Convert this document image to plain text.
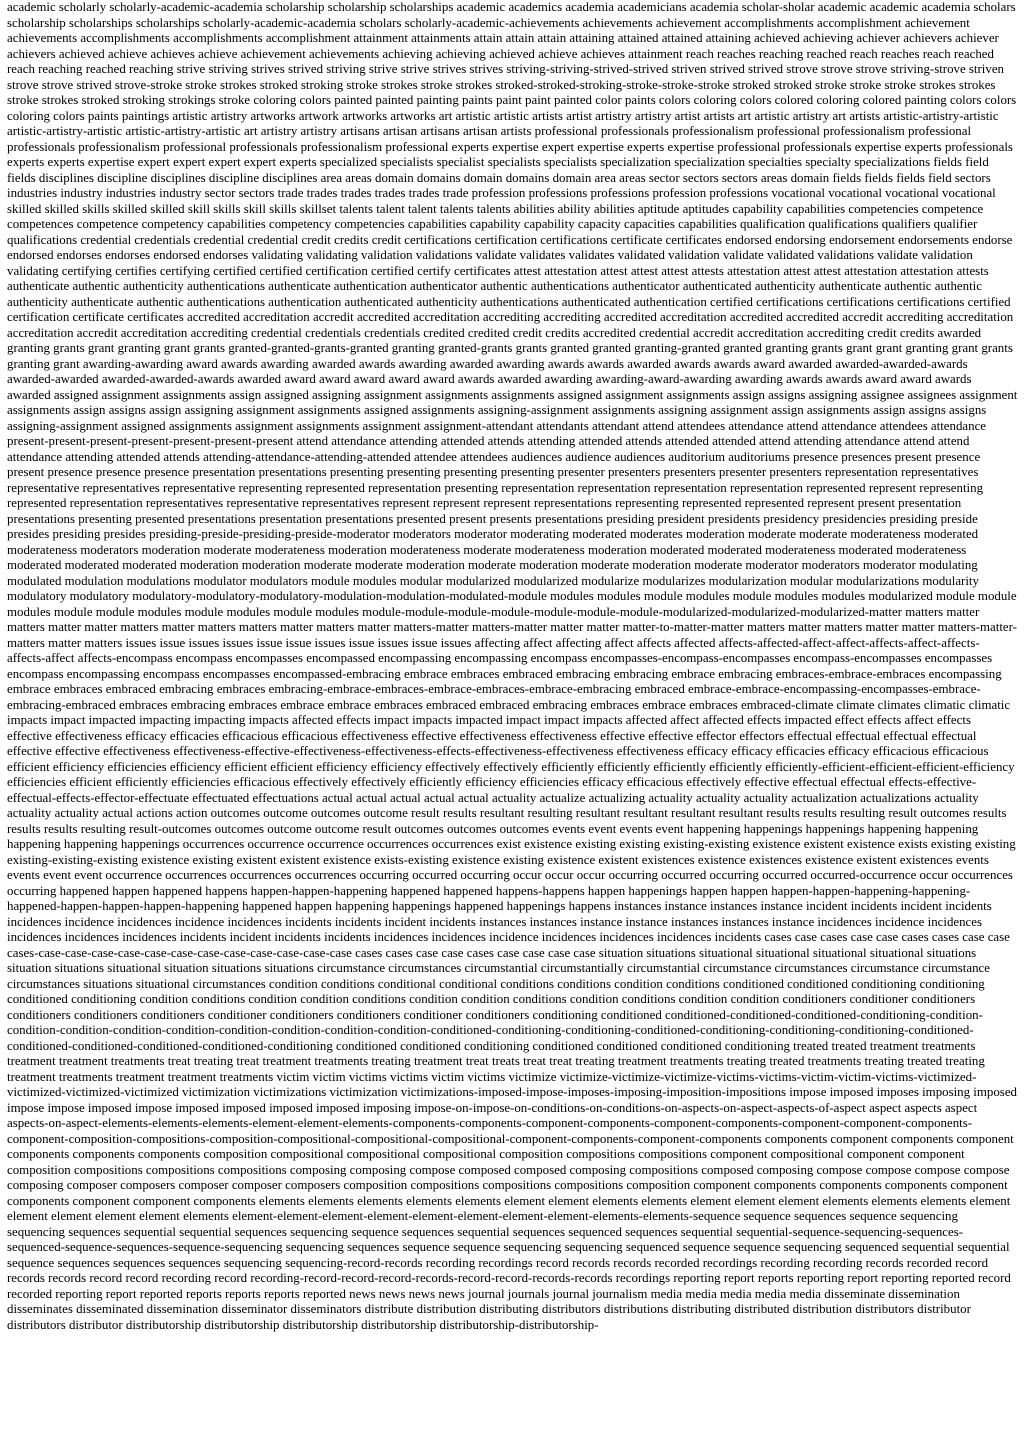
academic scholarly scholarly-academic-academia scholarship scholarship scholarships academic academics academia academicians academia scholar-sholar academic academic academia scholars scholarship scholarships scholarships scholarly-academic-academia scholars scholarly-academic-achievements achievements achievement accomplishments accomplishment achievement achievements accomplishments accomplishments accomplishment attainment attainments attain attain attain attaining attained attained attaining achieved achieving achiever achievers achiever achievers achieved achieve achieves achieve achievement achievements achieving achieving achieved achieve achieves attainment reach reaches reaching reached reach reaches reach reached reach reaching reached reaching strive striving strives strived striving strive strive strives strives striving-striving-strived-strived striven strived strived strove strove strove striving-strove striven strove strove strived strove-stroke stroke strokes stroked stroking stroke strokes stroke strokes stroked-stroked-stroking-stroke-stroke-stroke stroked stroked stroke stroke stroke strokes strokes stroke strokes stroked stroking strokings stroke coloring colors painted painted painting paints paint paint painted color paints colors coloring colors colored coloring colored painting colors colors coloring colors paints paintings artistic artistry artworks artwork artworks artworks art artistic artistic artists artist artistry artistry artist artists art artistic artistry art artists artistic-artistry-artistic artistic-artistry-artistic artistic-artistry-artistic art artistry artistry artisans artisan artisans artisan artists professional professionals professionalism professional professionalism professional professionals professionalism professional professionals professionalism professional experts expertise expert expertise experts expertise professional professionals expertise experts professionals experts experts expertise expert expert expert expert experts specialized specialists specialist specialists specialists specialization specialization specialties specialty specializations fields field fields disciplines discipline disciplines discipline disciplines area areas domain domains domain domains domain area areas sector sectors sectors areas domain fields fields fields field sectors industries industry industries industry sector sectors trade trades trades trades trades trade profession professions professions profession professions vocational vocational vocational vocational skilled skilled skills skilled skilled skill skills skill skills skillset talents talent talent talents talents abilities ability abilities aptitude aptitudes capability capabilities competencies competence competences competence competency capabilities competency competencies capabilities capability capability capacity capacities capabilities qualification qualifications qualifiers qualifier qualifications credential credentials credential credential credit credits credit certifications certification certifications certificate certificates endorsed endorsing endorsement endorsements endorse endorsed endorses endorses endorsed endorses validating validating validation validations validate validates validates validated validation validate validated validations validate validation validating certifying certifies certifying certified certified certification certified certify certificates attest attestation attest attest attest attests attestation attest attest attestation attestation attests authenticate authentic authenticity authentications authenticate authentication authenticator authentic authentications authenticator authenticated authenticity authenticate authentic authentic authenticity authenticate authentic authentications authentication authenticated authenticity authentications authenticated authentication certified certifications certifications certifications certified certification certificate certificates accredited accreditation accredit accredited accreditation accrediting accrediting accredited accreditation accredited accredited accredit accrediting accreditation accreditation accredit accreditation accrediting credential credentials credentials credited credited credit credits accredited credential accredit accreditation accrediting credit credits awarded granting grants grant granting grant grants granted-granted-grants-granted granting granted-grants grants granted granted granting-granted granted granting grants grant grant granting grant grants granting grant awarding-awarding award awards awarding awarded awards awarding awarded awarding awards awards awarded awards awards award awarded awarded-awarded-awards awarded-awarded awarded-awarded-awards awarded award award award award award awards awarded awarding awarding-award-awarding awarding awards awards award award awards awarded assigned assignment assignments assign assigned assigning assignment assignments assignments assigned assignment assignments assign assigns assigning assignee assignees assignment assignments assign assigns assign assigning assignment assignments assigned assignments assigning-assignment assignments assigning assignment assign assignments assign assigns assigns assigning-assignment assigned assignments assignment assignments assignment assignment-attendant attendants attendant attend attendees attendance attend attendance attendees attendance present-present-present-present-present-present-present attend attendance attending attended attends attending attended attends attended attended attend attending attendance attend attend attendance attending attended attends attending-attendance-attending-attended attendee attendees audiences audience audiences auditorium auditoriums presence presences present presence present presence presence presence presentation presentations presenting presenting presenting presenting presenter presenters presenters presenter presenters representation representatives representative representatives representative representing represented representation presenting representation representation representation representation represented represent representing represented representation representatives representative representatives represent represent represent representations representing represented represented represent present presentation presentations presenting presented presentations presentation presentations presented present presents presentations presiding president presidents presidency presidencies presiding preside presides presiding presides presiding-preside-presiding-preside-moderator moderators moderator moderating moderated moderates moderation moderate moderate moderateness moderated moderateness moderators moderation moderate moderateness moderation moderateness moderate moderateness moderation moderated moderated moderateness moderated moderateness moderated moderated moderated moderation moderation moderate moderate moderation moderate moderation moderate moderation moderate moderator moderators moderator modulating modulated modulation modulations modulator modulators module modules modular modularized modularized modularize modularizes modularization modular modularizations modularity modulatory modulatory modulatory-modulatory-modulatory-modulation-modulation-modulated-module modules modules module modules module modules modules modularized module module modules module module modules module modules module modules module-module-module-module-module-module-module-modularized-modularized-modularized-matter matters matter matters matter matter matters matter matters matters matter matters matter matters-matter matters-matter matter matter matter-to-matter-matter matters matter matters matter matter matters-matter-matters matter matters issues issue issues issues issue issue issues issue issues issue issues affecting affect affecting affect affects affected affects-affected-affect-affect-affects-affect-affects-affects-affect affects-encompass encompass encompasses encompassed encompassing encompassing encompass encompasses-encompass-encompasses encompass-encompasses encompasses encompass encompassing encompass encompasses encompassed-embracing embrace embraces embraced embracing embracing embrace embracing embraces-embrace-embraces encompassing embrace embraces embraced embracing embraces embracing-embrace-embraces-embrace-embraces-embrace-embracing embraced embrace-embrace-encompassing-encompasses-embrace-embracing-embraced embraces embracing embraces embrace embrace embraces embraced embraced embracing embraces embrace embraces embraced-climate climate climates climatic climatic impacts impact impacted impacting impacting impacts affected effects impact impacts impacted impact impact impacts affected affect affected effects impacted effect effects affect effects effective effectiveness efficacy efficacies efficacious efficacious effectiveness effective effectiveness effectiveness effective effective effector effectors effectual effectual effectual effectual effective effective effectiveness effectiveness-effective-effectiveness-effectiveness-effects-effectiveness-effectiveness effectiveness efficacy efficacy efficacies efficacy efficacious efficacious efficient efficiency efficiencies efficiency efficient efficient efficiency efficiency effectively effectively efficiently efficiently efficiently efficiently efficiently-efficient-efficient-efficient-efficiency efficiencies efficient efficiently efficiencies efficacious effectively effectively efficiently efficiency efficiencies efficacy efficacious effectively effective effectual effectual effects-effective-effectual-effects-effector-effectuate effectuated effectuations actual actual actual actual actual actuality actualize actualizing actuality actuality actuality actualization actualizations actuality actuality actuality actual actions action outcomes outcome outcomes outcome result results resultant resulting resultant resultant resultant resultant results results resulting result outcomes results results results resulting result-outcomes outcomes outcome outcome result outcomes outcomes outcomes events event events event happening happenings happenings happening happening happening happening happenings occurrences occurrence occurrence occurrences occurrences exist existence existing existing existing-existing existence existent existence exists existing existing existing-existing-existing existence existing existent existent existence exists-existing existence existing existence existent existences existence existences existence existent existences events events event event occurrence occurrences occurrences occurrences occurring occurred occurring occur occur occur occurring occurred occurring occurred occurred-occurrence occur occurrences occurring happened happen happened happens happen-happen-happening happened happened happens-happens happen happenings happen happen happen-happen-happening-happening-happened-happen-happen-happen-happening happened happen happening happenings happened happenings happens instances instance instances instance incident incidents incident incidents incidences incidence incidences incidence incidences incidents incidents incident incidents instances instances instance instance instances instances instance incidences incidence incidences incidences incidences incidences incidents incident incidents incidents incidences incidences incidence incidences incidences incidences incidents cases case cases case case cases cases case case cases-case-case-case-case-case-case-case-case-case-case-case-case cases cases case case cases case case case case situation situations situational situational situational situational situations situation situations situational situation situations situations circumstance circumstances circumstantial circumstantially circumstantial circumstance circumstances circumstance circumstance circumstances situations situational circumstances condition conditions conditional conditional conditions conditions condition conditions conditioned conditioned conditioning conditioning conditioned conditioning condition conditions condition condition conditions condition condition conditions condition conditions condition condition conditioners conditioner conditioners conditioners conditioners conditioners conditioner conditioners conditioners conditioner conditioners conditioning conditioned conditioned-conditioned-conditioned-conditioning-condition-condition-condition-condition-condition-condition-condition-condition-condition-conditioned-conditioning-conditioning-conditioned-conditioning-conditioning-conditioning-conditioned-conditioned-conditioned-conditioned-conditioned-conditioning conditioned conditioned conditioning conditioned conditioned conditioned conditioning treated treated treatment treatments treatment treatment treatments treat treating treat treatment treatments treating treatment treat treats treat treat treating treatment treatments treating treated treatments treating treated treating treatment treatments treatment treatment treatments victim victim victims victims victim victims victimize victimize-victimize-victimize-victims-victims-victim-victim-victims-victimized-victimized-victimized-victimized victimization victimizations victimization victimizations-imposed-impose-imposes-imposing-imposition-impositions impose imposed imposes imposing imposed impose impose imposed impose imposed imposed imposed imposed imposing impose-on-impose-on-conditions-on-conditions-on-aspects-on-aspect-aspects-of-aspect aspect aspects aspect aspects-on-aspect-elements-elements-elements-element-element-elements-components-components-component-components-component-components-component-component-components-component-composition-compositions-composition-compositional-compositional-compositional-component-components-component-components components component components component components components components composition compositional compositional compositional composition compositions compositions component compositional component component composition compositions compositions compositions composing composing compose composed composed composing compositions composed composing compose compose compose compose composing composer composers composer composer composers composition compositions compositions compositions composition component components components components component components component component components elements elements elements elements elements element element elements elements element element element elements elements elements element element element element element elements element-element-element-element-element-element-element-element-elements-elements-sequence sequence sequences sequence sequencing sequencing sequences sequential sequential sequences sequencing sequence sequences sequential sequences sequenced sequences sequential sequential-sequence-sequencing-sequences-sequenced-sequence-sequences-sequence-sequencing sequencing sequences sequence sequence sequencing sequencing sequenced sequence sequence sequencing sequenced sequential sequential sequence sequences sequences sequences sequencing sequencing-record-records recording recordings record records records recorded recordings recording recording records recorded record records records record record recording record recording-record-record-record-records-record-record-records-records recordings reporting report reports reporting report reporting reported record recorded reporting report reported reports reports reports reported news news news news journal journals journal journalism media media media media media disseminate dissemination disseminates disseminated dissemination disseminator disseminators distribute distribution distributing distributors distributions distributing distributed distribution distributors distributor distributors distributor distributorship distributorship distributorship distributorship distributorship-distributorship-
